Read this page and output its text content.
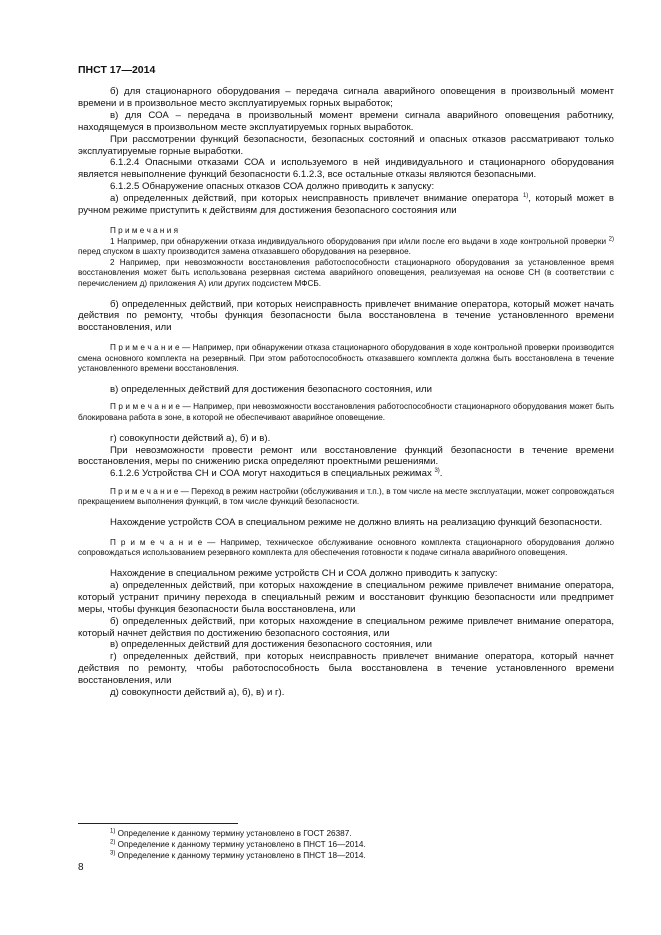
ПНСТ 17—2014

б) для стационарного оборудования – передача сигнала аварийного оповещения в произвольный момент времени и в произвольное место эксплуатируемых горных выработок;

в) для СОА – передача в произвольный момент времени сигнала аварийного оповещения работнику, находящемуся в произвольном месте эксплуатируемых горных выработок.

При рассмотрении функций безопасности, безопасных состояний и опасных отказов рассматривают только эксплуатируемые горные выработки.

6.1.2.4 Опасными отказами СОА и используемого в ней индивидуального и стационарного оборудования является невыполнение функций безопасности 6.1.2.3, все остальные отказы являются безопасными.

6.1.2.5 Обнаружение опасных отказов СОА должно приводить к запуску:

а) определенных действий, при которых неисправность привлечет внимание оператора $^{1)}$, который может в ручном режиме приступить к действиям для достижения безопасного состояния или

П р и м е ч а н и я

1 Например, при обнаружении отказа индивидуального оборудования при и/или после его выдачи в ходе контрольной проверки $^{2)}$ перед спуском в шахту производится замена отказавшего оборудования на резервное.

2 Например, при невозможности восстановления работоспособности стационарного оборудования за установленное время восстановления может быть использована резервная система аварийного оповещения, реализуемая на основе СН (в соответствии с перечислением д) приложения А) или других подсистем МФСБ.

б) определенных действий, при которых неисправность привлечет внимание оператора, который может начать действия по ремонту, чтобы функция безопасности была восстановлена в течение установленного времени восстановления, или

П р и м е ч а н и е — Например, при обнаружении отказа стационарного оборудования в ходе контрольной проверки производится смена основного комплекта на резервный. При этом работоспособность отказавшего комплекта должна быть восстановлена в течение установленного времени восстановления.

в) определенных действий для достижения безопасного состояния, или

П р и м е ч а н и е — Например, при невозможности восстановления работоспособности стационарного оборудования может быть блокирована работа в зоне, в которой не обеспечивают аварийное оповещение.

г) совокупности действий а), б) и в).

При невозможности провести ремонт или восстановление функций безопасности в течение времени восстановления, меры по снижению риска определяют проектными решениями.

6.1.2.6 Устройства СН и СОА могут находиться в специальных режимах $^{3)}$.

П р и м е ч а н и е — Переход в режим настройки (обслуживания и т.п.), в том числе на месте эксплуатации, может сопровождаться прекращением выполнения функций, в том числе функций безопасности.

Нахождение устройств СОА в специальном режиме не должно влиять на реализацию функций безопасности.

П р и м е ч а н и е — Например, техническое обслуживание основного комплекта стационарного оборудования должно сопровождаться использованием резервного комплекта для обеспечения готовности к подаче сигнала аварийного оповещения.

Нахождение в специальном режиме устройств СН и СОА должно приводить к запуску:

а) определенных действий, при которых нахождение в специальном режиме привлечет внимание оператора, который устранит причину перехода в специальный режим и восстановит функцию безопасности или предпримет меры, чтобы функция безопасности была восстановлена, или

б) определенных действий, при которых нахождение в специальном режиме привлечет внимание оператора, который начнет действия по достижению безопасного состояния, или

в) определенных действий для достижения безопасного состояния, или

г) определенных действий, при которых неисправность привлечет внимание оператора, который начнет действия по ремонту, чтобы работоспособность была восстановлена в течение установленного времени восстановления, или

д) совокупности действий а), б), в) и г).

$^{1)}$ Определение к данному термину установлено в ГОСТ 26387.
$^{2)}$ Определение к данному термину установлено в ПНСТ 16—2014.
$^{3)}$ Определение к данному термину установлено в ПНСТ 18—2014.
8
